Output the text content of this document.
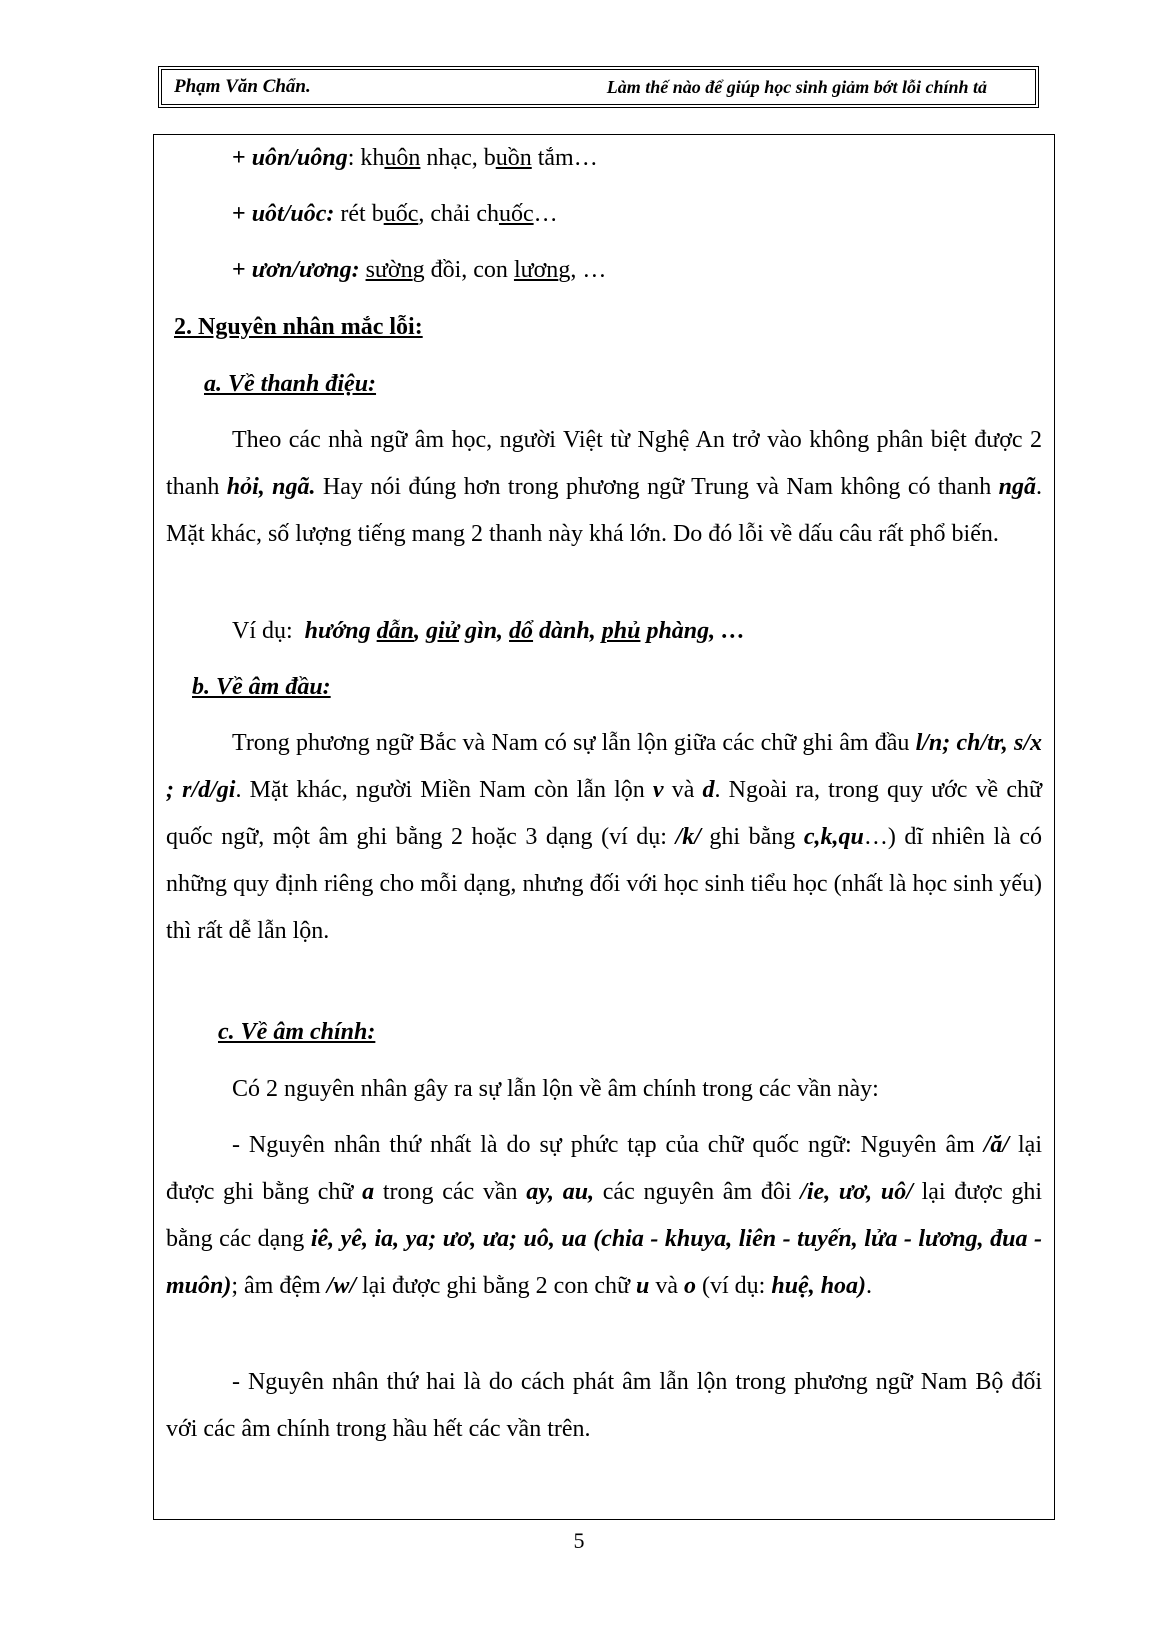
Phạm Văn Chẩn.	Làm thế nào để giúp học sinh giảm bớt lỗi chính tả
+ uôn/uông: khuôn nhạc, buồn tắm…
+ uôt/uôc: rét buốc, chải chuốc…
+ ươn/ương: sường đồi, con lương, …
2. Nguyên nhân mắc lỗi:
a. Về thanh điệu:
Theo các nhà ngữ âm học, người Việt từ Nghệ An trở vào không phân biệt được 2 thanh hỏi, ngã. Hay nói đúng hơn trong phương ngữ Trung và Nam không có thanh ngã. Mặt khác, số lượng tiếng mang 2 thanh này khá lớn. Do đó lỗi về dấu câu rất phổ biến.
Ví dụ: hướng dẫn, giử gìn, dổ dành, phủ phàng, …
b. Về âm đầu:
Trong phương ngữ Bắc và Nam có sự lẫn lộn giữa các chữ ghi âm đầu l/n; ch/tr, s/x ; r/d/gi. Mặt khác, người Miền Nam còn lẫn lộn v và d. Ngoài ra, trong quy ước về chữ quốc ngữ, một âm ghi bằng 2 hoặc 3 dạng (ví dụ: /k/ ghi bằng c,k,qu…) dĩ nhiên là có những quy định riêng cho mỗi dạng, nhưng đối với học sinh tiểu học (nhất là học sinh yếu) thì rất dễ lẫn lộn.
c. Về âm chính:
Có 2 nguyên nhân gây ra sự lẫn lộn về âm chính trong các vần này:
- Nguyên nhân thứ nhất là do sự phức tạp của chữ quốc ngữ: Nguyên âm /ă/ lại được ghi bằng chữ a trong các vần ay, au, các nguyên âm đôi /ie, ươ, uô/ lại được ghi bằng các dạng iê, yê, ia, ya; ươ, ưa; uô, ua (chia - khuya, liên - tuyến, lửa - lương, đua - muôn); âm đệm /w/ lại được ghi bằng 2 con chữ u và o (ví dụ: huệ, hoa).
- Nguyên nhân thứ hai là do cách phát âm lẫn lộn trong phương ngữ Nam Bộ đối với các âm chính trong hầu hết các vần trên.
5
